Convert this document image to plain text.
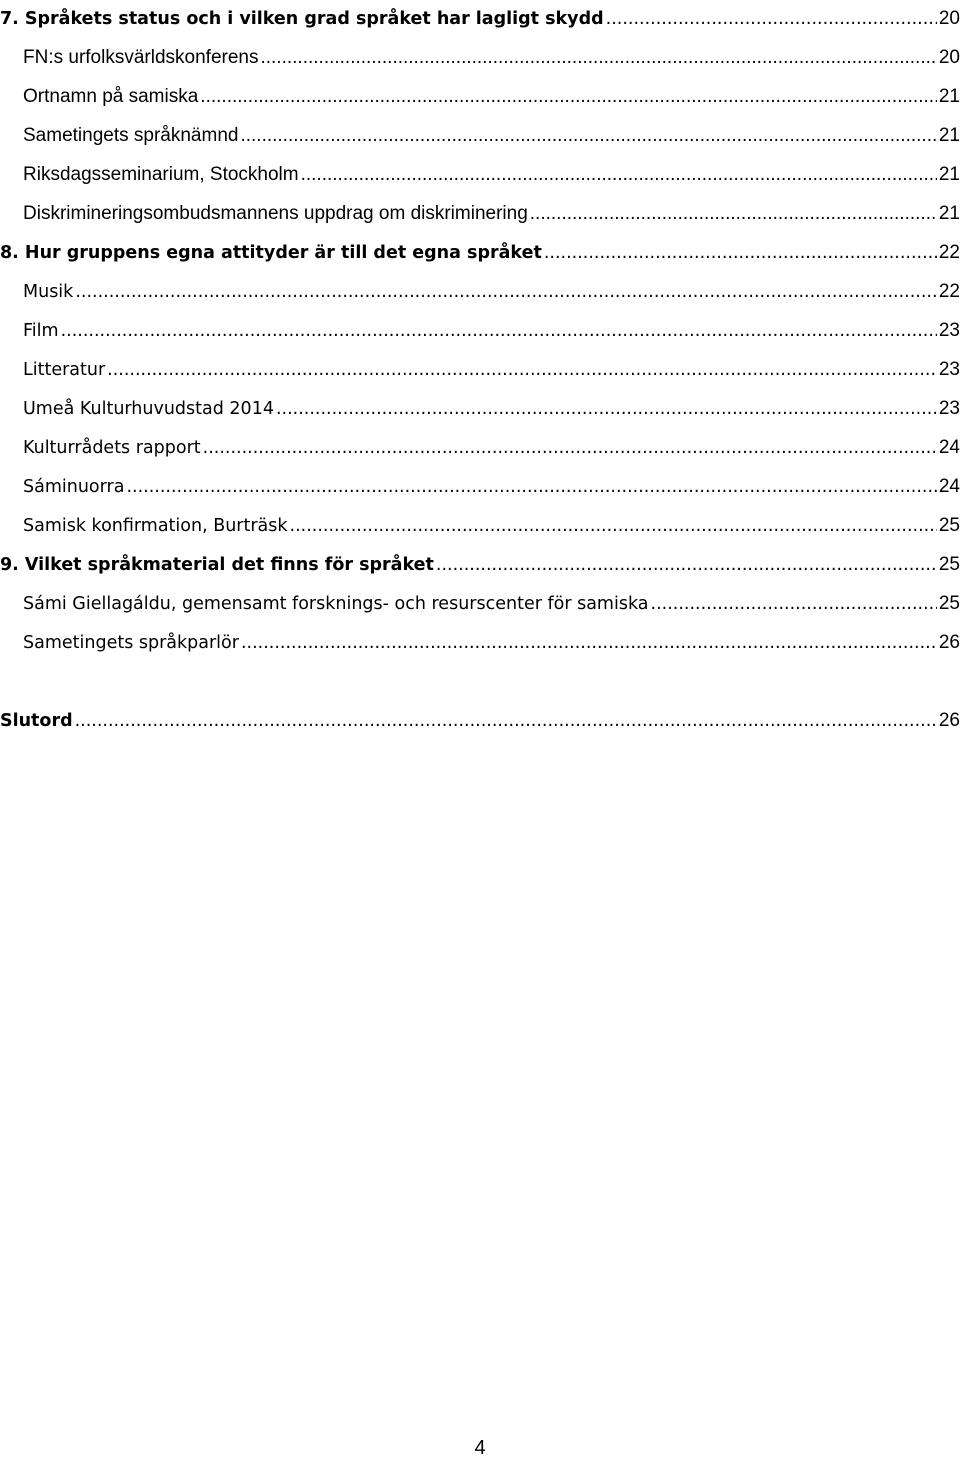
7. Språkets status och i vilken grad språket har lagligt skydd .....	20
FN:s urfolksvärldskonferens .....	20
Ortnamn på samiska .....	21
Sametingets språknämnd .....	21
Riksdagsseminarium, Stockholm .....	21
Diskrimineringsombudsmannens uppdrag om diskriminering .....	21
8. Hur gruppens egna attityder är till det egna språket .....	22
Musik .....	22
Film .....	23
Litteratur .....	23
Umeå Kulturhuvudstad 2014 .....	23
Kulturrådets rapport .....	24
Sáminuorra .....	24
Samisk konfirmation, Burträsk .....	25
9. Vilket språkmaterial det finns för språket .....	25
Sámi Giellagáldu, gemensamt forsknings- och resurscenter för samiska .....	25
Sametingets språkparlör .....	26
Slutord .....	26
4
